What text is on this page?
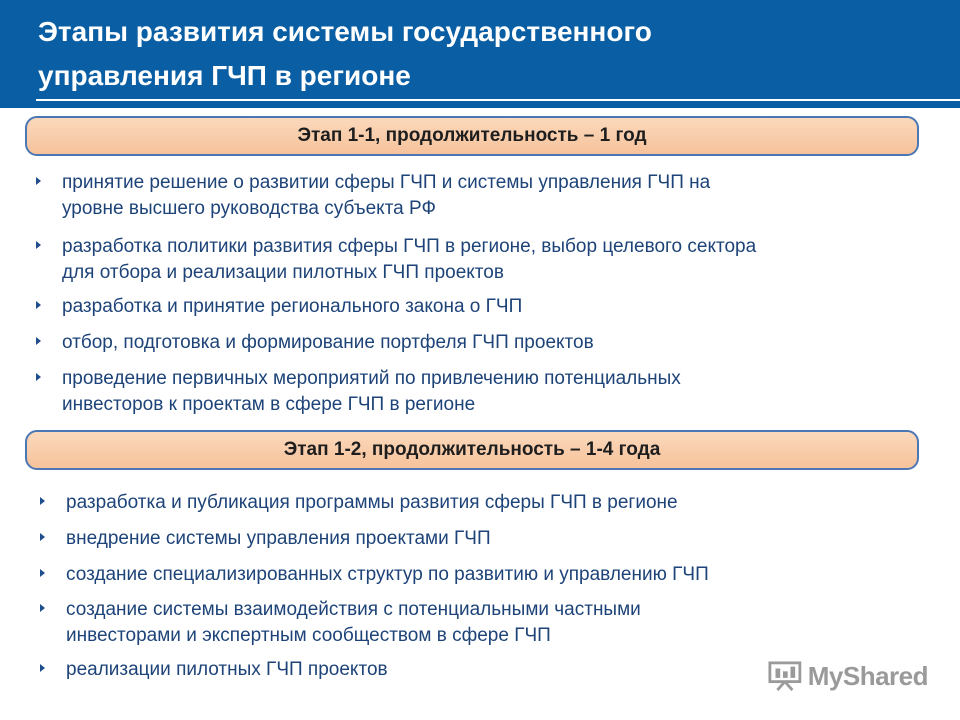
Этапы развития системы государственного
управления ГЧП в регионе
Этап 1-1, продолжительность – 1 год
принятие решение о развитии сферы ГЧП и системы управления ГЧП на
уровне высшего руководства субъекта РФ
разработка политики развития сферы ГЧП в регионе, выбор целевого сектора
для отбора и реализации пилотных ГЧП проектов
разработка и принятие регионального закона о ГЧП
отбор, подготовка и формирование портфеля ГЧП проектов
проведение первичных мероприятий по привлечению потенциальных
инвесторов к проектам в сфере ГЧП в регионе
Этап 1-2, продолжительность – 1-4 года
разработка и публикация программы развития сферы ГЧП в регионе
внедрение системы управления проектами ГЧП
создание специализированных структур по развитию и управлению ГЧП
создание системы взаимодействия с потенциальными частными
инвесторами и экспертным сообществом в сфере ГЧП
реализации пилотных ГЧП проектов	MyShared
